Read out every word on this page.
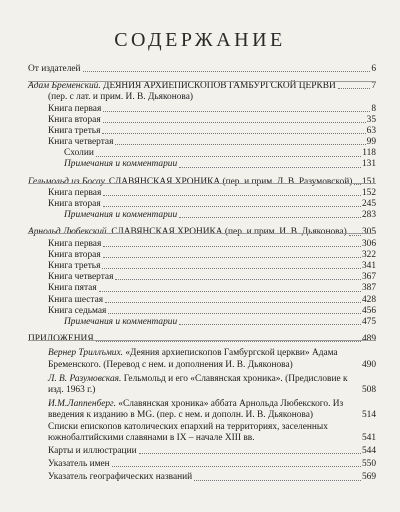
СОДЕРЖАНИЕ
От издателей	6
Адам Бременский. ДЕЯНИЯ АРХИЕПИСКОПОВ ГАМБУРГСКОЙ ЦЕРКВИ	7
(пер. с лат. и прим. И. В. Дьяконова)
Книга первая	8
Книга вторая	35
Книга третья	63
Книга четвертая	99
Схолии	118
Примечания и комментарии	131
Гельмольд из Босау. СЛАВЯНСКАЯ ХРОНИКА (пер. и прим. Л. В. Разумовской) 151
Книга первая	152
Книга вторая	245
Примечания и комментарии	283
Арнольд Любекский. СЛАВЯНСКАЯ ХРОНИКА (пер. и прим. И. В. Дьяконова) 305
Книга первая	306
Книга вторая	322
Книга третья	341
Книга четвертая	367
Книга пятая	387
Книга шестая	428
Книга седьмая	456
Примечания и комментарии	475
ПРИЛОЖЕНИЯ	489
Вернер Триллъмих. «Деяния архиепископов Гамбургской церкви» Адама Бременского. (Перевод с нем. и дополнения И. В. Дьяконова)	490
Л. В. Разумовская. Гельмольд и его «Славянская хроника». (Предисловие к изд. 1963 г.)	508
И.М.Лаппенберг. «Славянская хроника» аббата Арнольда Любекского. Из введения к изданию в MG. (пер. с нем. и дополн. И. В. Дьяконова)	514
Списки епископов католических епархий на территориях, заселенных южнобалтийскими славянами в IX – начале XIII вв.	541
Карты и иллюстрации	544
Указатель имен	550
Указатель географических названий	569
